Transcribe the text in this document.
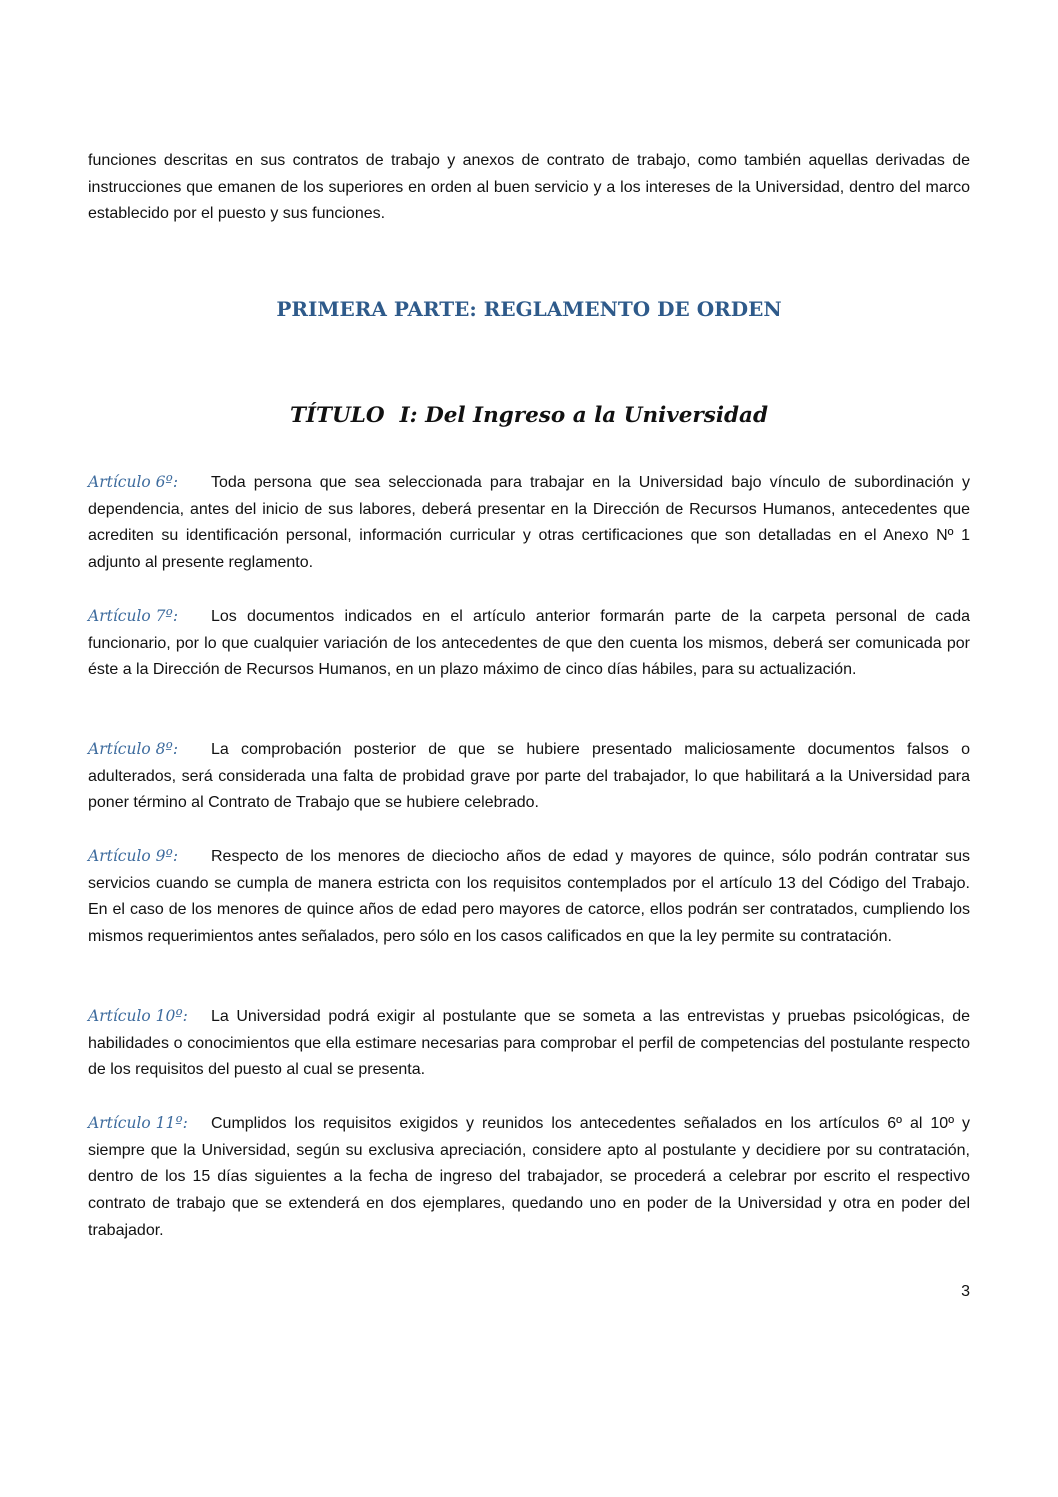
funciones descritas en sus contratos de trabajo y anexos de contrato de trabajo, como también aquellas derivadas de instrucciones que emanen de los superiores en orden al buen servicio y a los intereses de la Universidad, dentro del marco establecido por el puesto y sus funciones.

PRIMERA PARTE: REGLAMENTO DE ORDEN
TÍTULO  I: Del Ingreso a la Universidad

Artículo 6º: Toda persona que sea seleccionada para trabajar en la Universidad bajo vínculo de subordinación y dependencia, antes del inicio de sus labores, deberá presentar en la Dirección de Recursos Humanos, antecedentes que acrediten su identificación personal, información curricular y otras certificaciones que son detalladas en el Anexo Nº 1 adjunto al presente reglamento.

Artículo 7º: Los documentos indicados en el artículo anterior formarán parte de la carpeta personal de cada funcionario, por lo que cualquier variación de los antecedentes de que den cuenta los mismos, deberá ser comunicada por éste a la Dirección de Recursos Humanos, en un plazo máximo de cinco días hábiles, para su actualización.

Artículo 8º: La comprobación posterior de que se hubiere presentado maliciosamente documentos falsos o adulterados, será considerada una falta de probidad grave por parte del trabajador, lo que habilitará a la Universidad para poner término al Contrato de Trabajo que se hubiere celebrado.

Artículo 9º: Respecto de los menores de dieciocho años de edad y mayores de quince, sólo podrán contratar sus servicios cuando se cumpla de manera estricta con los requisitos contemplados por el artículo 13 del Código del Trabajo. En el caso de los menores de quince años de edad pero mayores de catorce, ellos podrán ser contratados, cumpliendo los mismos requerimientos antes señalados, pero sólo en los casos calificados en que la ley permite su contratación.

Artículo 10º: La Universidad podrá exigir al postulante que se someta a las entrevistas y pruebas psicológicas, de habilidades o conocimientos que ella estimare necesarias para comprobar el perfil de competencias del postulante respecto de los requisitos del puesto al cual se presenta.

Artículo 11º: Cumplidos los requisitos exigidos y reunidos los antecedentes señalados en los artículos 6º al 10º y siempre que la Universidad, según su exclusiva apreciación, considere apto al postulante y decidiere por su contratación, dentro de los 15 días siguientes a la fecha de ingreso del trabajador, se procederá a celebrar por escrito el respectivo contrato de trabajo que se extenderá en dos ejemplares, quedando uno en poder de la Universidad y otra en poder del trabajador.

3
